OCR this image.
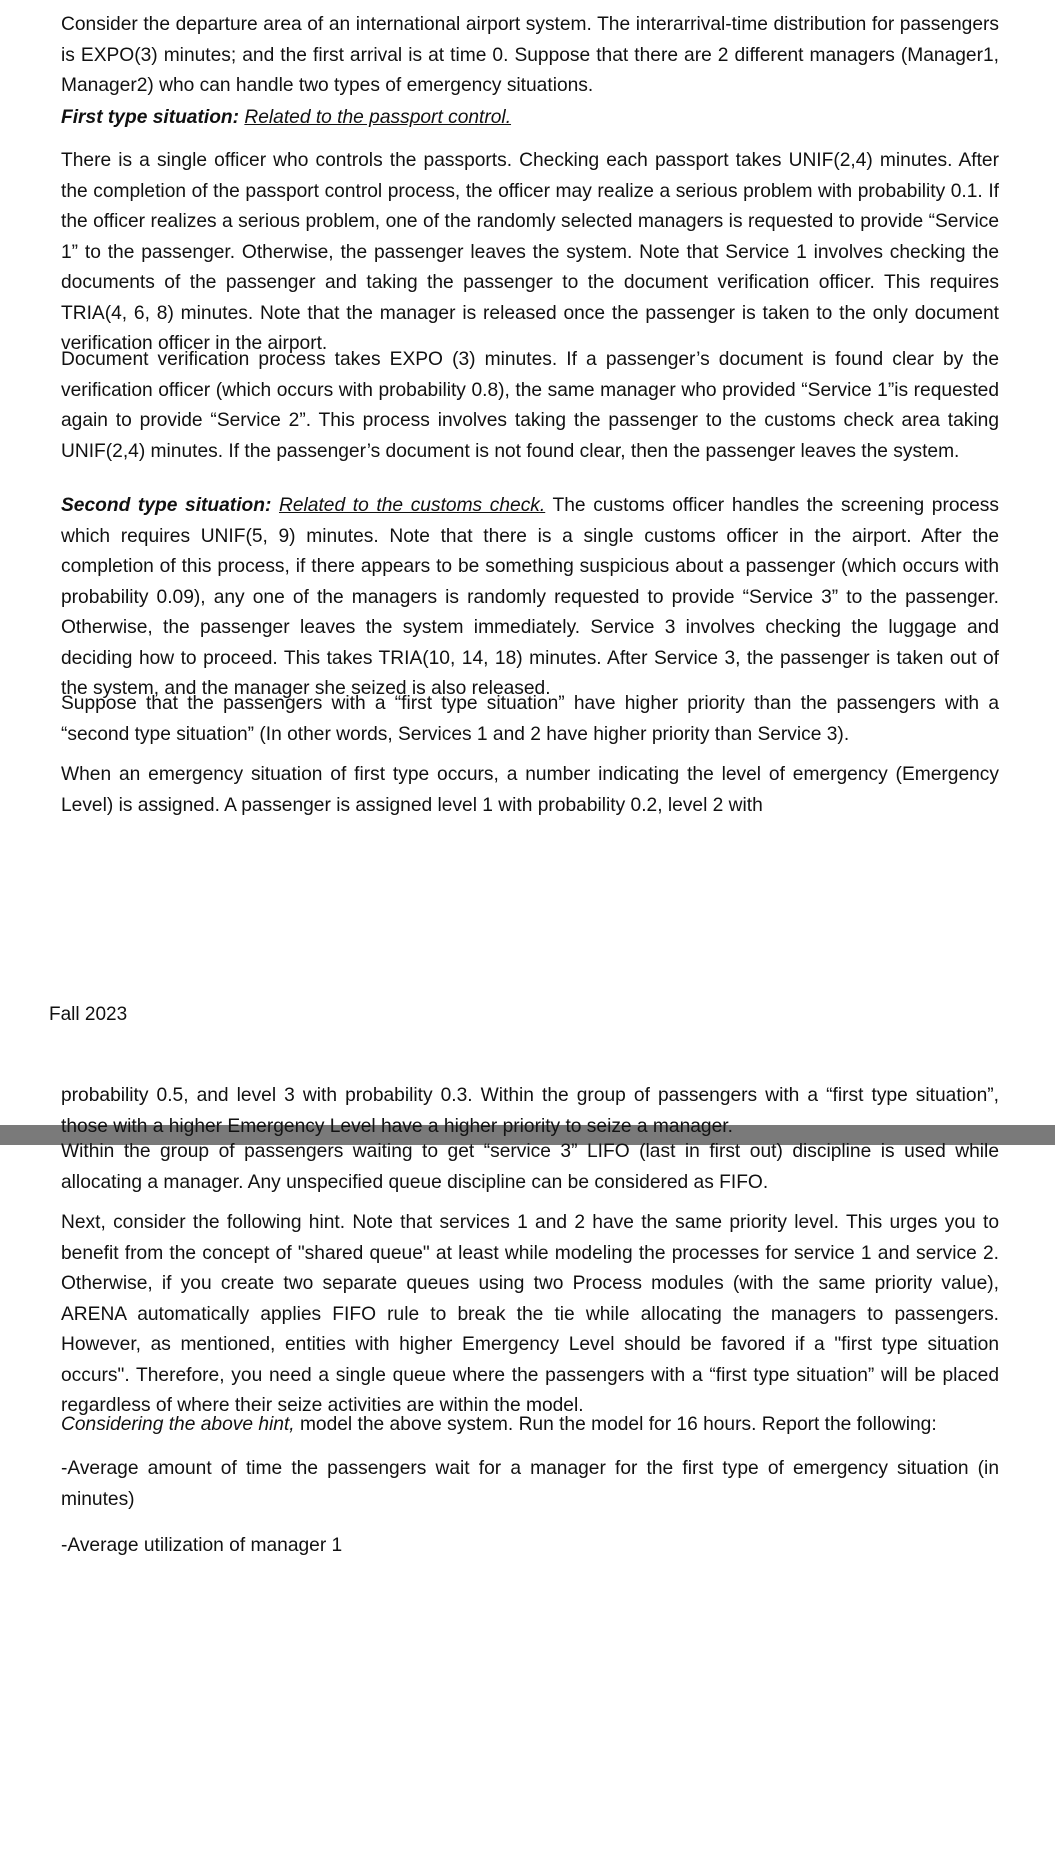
Consider the departure area of an international airport system. The interarrival-time distribution for passengers is EXPO(3) minutes; and the first arrival is at time 0. Suppose that there are 2 different managers (Manager1, Manager2) who can handle two types of emergency situations.

First type situation: Related to the passport control.

There is a single officer who controls the passports. Checking each passport takes UNIF(2,4) minutes. After the completion of the passport control process, the officer may realize a serious problem with probability 0.1. If the officer realizes a serious problem, one of the randomly selected managers is requested to provide “Service 1” to the passenger. Otherwise, the passenger leaves the system. Note that Service 1 involves checking the documents of the passenger and taking the passenger to the document verification officer. This requires TRIA(4, 6, 8) minutes. Note that the manager is released once the passenger is taken to the only document verification officer in the airport.

Document verification process takes EXPO (3) minutes. If a passenger’s document is found clear by the verification officer (which occurs with probability 0.8), the same manager who provided “Service 1”is requested again to provide “Service 2”. This process involves taking the passenger to the customs check area taking UNIF(2,4) minutes. If the passenger’s document is not found clear, then the passenger leaves the system.

Second type situation: Related to the customs check. The customs officer handles the screening process which requires UNIF(5, 9) minutes. Note that there is a single customs officer in the airport. After the completion of this process, if there appears to be something suspicious about a passenger (which occurs with probability 0.09), any one of the managers is randomly requested to provide “Service 3” to the passenger. Otherwise, the passenger leaves the system immediately. Service 3 involves checking the luggage and deciding how to proceed. This takes TRIA(10, 14, 18) minutes. After Service 3, the passenger is taken out of the system, and the manager she seized is also released.

Suppose that the passengers with a “first type situation” have higher priority than the passengers with a “second type situation” (In other words, Services 1 and 2 have higher priority than Service 3).

When an emergency situation of first type occurs, a number indicating the level of emergency (Emergency Level) is assigned. A passenger is assigned level 1 with probability 0.2, level 2 with

Fall 2023

probability 0.5, and level 3 with probability 0.3. Within the group of passengers with a “first type situation”, those with a higher Emergency Level have a higher priority to seize a manager.

Within the group of passengers waiting to get “service 3” LIFO (last in first out) discipline is used while allocating a manager. Any unspecified queue discipline can be considered as FIFO.

Next, consider the following hint. Note that services 1 and 2 have the same priority level. This urges you to benefit from the concept of "shared queue" at least while modeling the processes for service 1 and service 2. Otherwise, if you create two separate queues using two Process modules (with the same priority value), ARENA automatically applies FIFO rule to break the tie while allocating the managers to passengers. However, as mentioned, entities with higher Emergency Level should be favored if a "first type situation occurs". Therefore, you need a single queue where the passengers with a “first type situation” will be placed regardless of where their seize activities are within the model.

Considering the above hint, model the above system. Run the model for 16 hours. Report the following:

-Average amount of time the passengers wait for a manager for the first type of emergency situation (in minutes)

-Average utilization of manager 1
